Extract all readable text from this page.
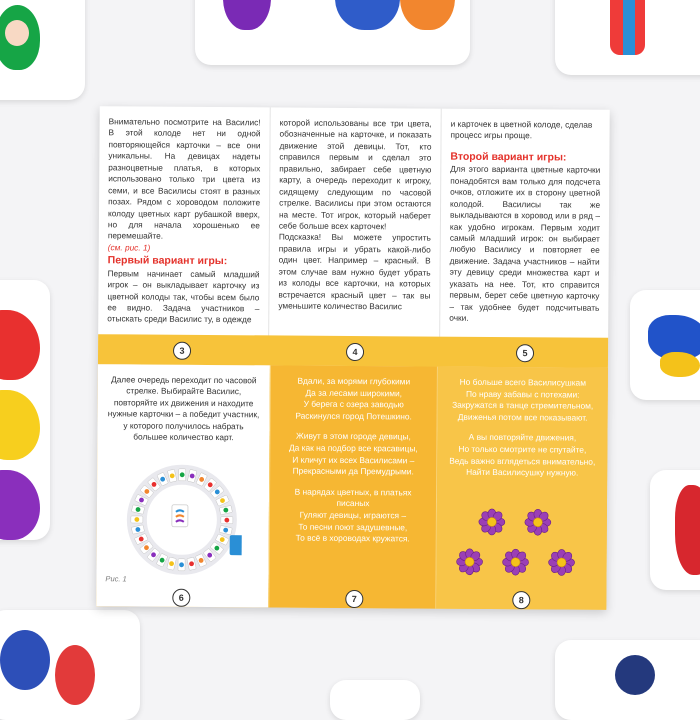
Внимательно посмотрите на Василис! В этой колоде нет ни одной повторяющейся карточки – все они уникальны. На девицах надеты разноцветные платья, в которых использовано только три цвета из семи, и все Василисы стоят в разных позах. Рядом с хороводом положите колоду цветных карт рубашкой вверх, но для начала хорошенько ее перемешайте.

(см. рис. 1)

Первый вариант игры:

Первым начинает самый младший игрок – он выкладывает карточку из цветной колоды так, чтобы всем было ее видно. Задача участников – отыскать среди Василис ту, в одежде

которой использованы все три цвета, обозначенные на карточке, и показать движение этой девицы. Тот, кто справился первым и сделал это правильно, забирает себе цветную карту, а очередь переходит к игроку, сидящему следующим по часовой стрелке. Василисы при этом остаются на месте. Тот игрок, который наберет себе больше всех карточек!

Подсказка! Вы можете упростить правила игры и убрать какой-либо один цвет. Например – красный. В этом случае вам нужно будет убрать из колоды все карточки, на которых встречается красный цвет – так вы уменьшите количество Василис

и карточек в цветной колоде, сделав процесс игры проще.

Второй вариант игры:

Для этого варианта цветные карточки понадобятся вам только для подсчета очков, отложите их в сторону цветной колодой. Василисы так же выкладываются в хоровод или в ряд – как удобно игрокам. Первым ходит самый младший игрок: он выбирает любую Василису и повторяет ее движение. Задача участников – найти эту девицу среди множества карт и указать на нее. Тот, кто справится первым, берет себе цветную карточку – так удобнее будет подсчитывать очки.

3	4	5

Далее очередь переходит по часовой стрелке. Выбирайте Василис, повторяйте их движения и находите нужные карточки – а победит участник, у которого получилось набрать большее количество карт.

Рис. 1

6

Вдали, за морями глубокими
Да за лесами широкими,
У берега с озера заводью
Раскинулся город Потешкино.

Живут в этом городе девицы,
Да как на подбор все красавицы,
И кличут их всех Василисами –
Прекрасными да Премудрыми.

В нарядах цветных, в платьях
писаных
Гуляют девицы, играются –
То песни поют задушевные,
То всё в хороводах кружатся.

7

Но больше всего Василисушкам
По нраву забавы с потехами:
Закружатся в танце стремительном,
Движенья потом все показывают.

А вы повторяйте движения,
Но только смотрите не спутайте,
Ведь важно вглядеться внимательно,
Найти Василисушку нужную.

8
